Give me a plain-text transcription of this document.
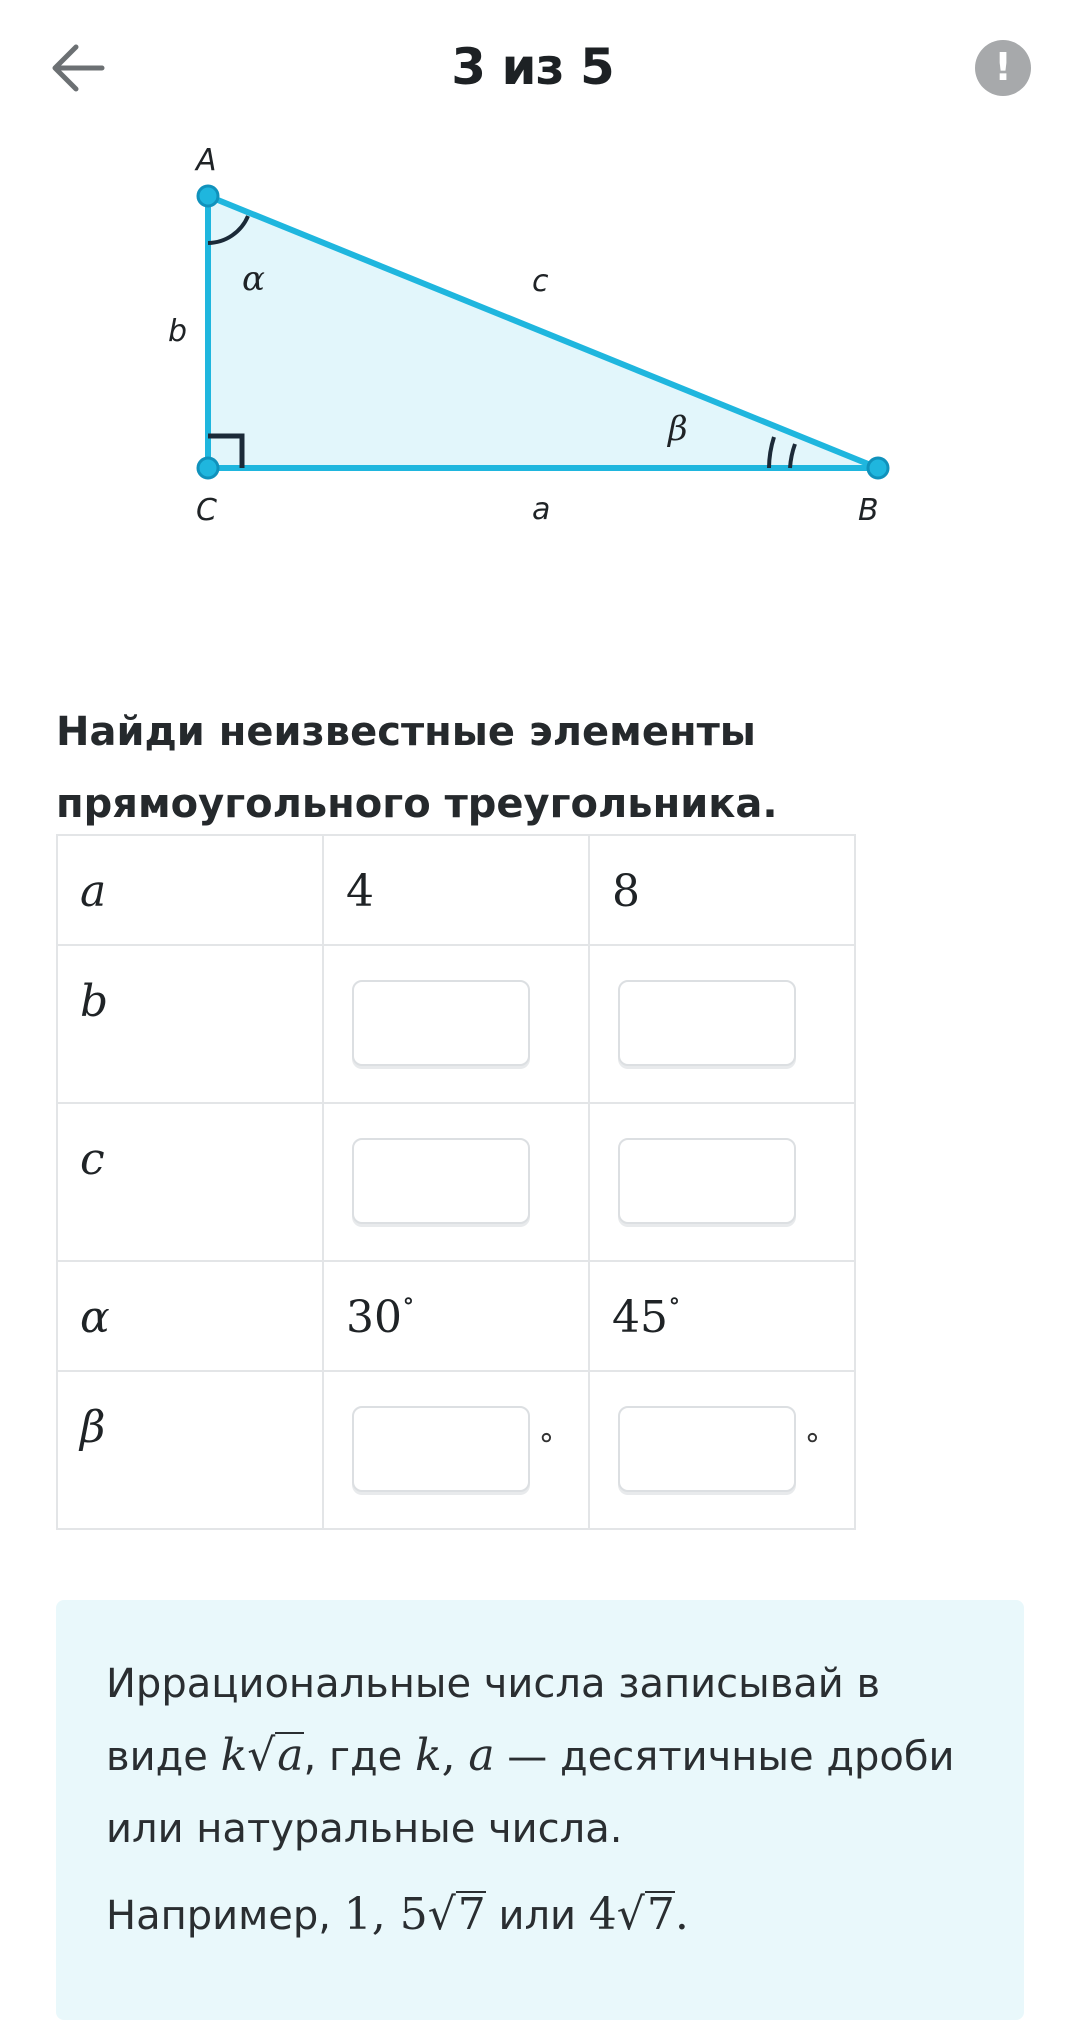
3 из 5	!
A
C	B
b
c
a
α
β
Найди неизвестные элементы
прямоугольного треугольника.
a	4	8

b

c

α	30∘	45∘

β	∘	∘
Иррациональные числа записывай в
виде k√a, где k, a — десятичные дроби
или натуральные числа.
Например, 1, 5√7 или 4√7.
